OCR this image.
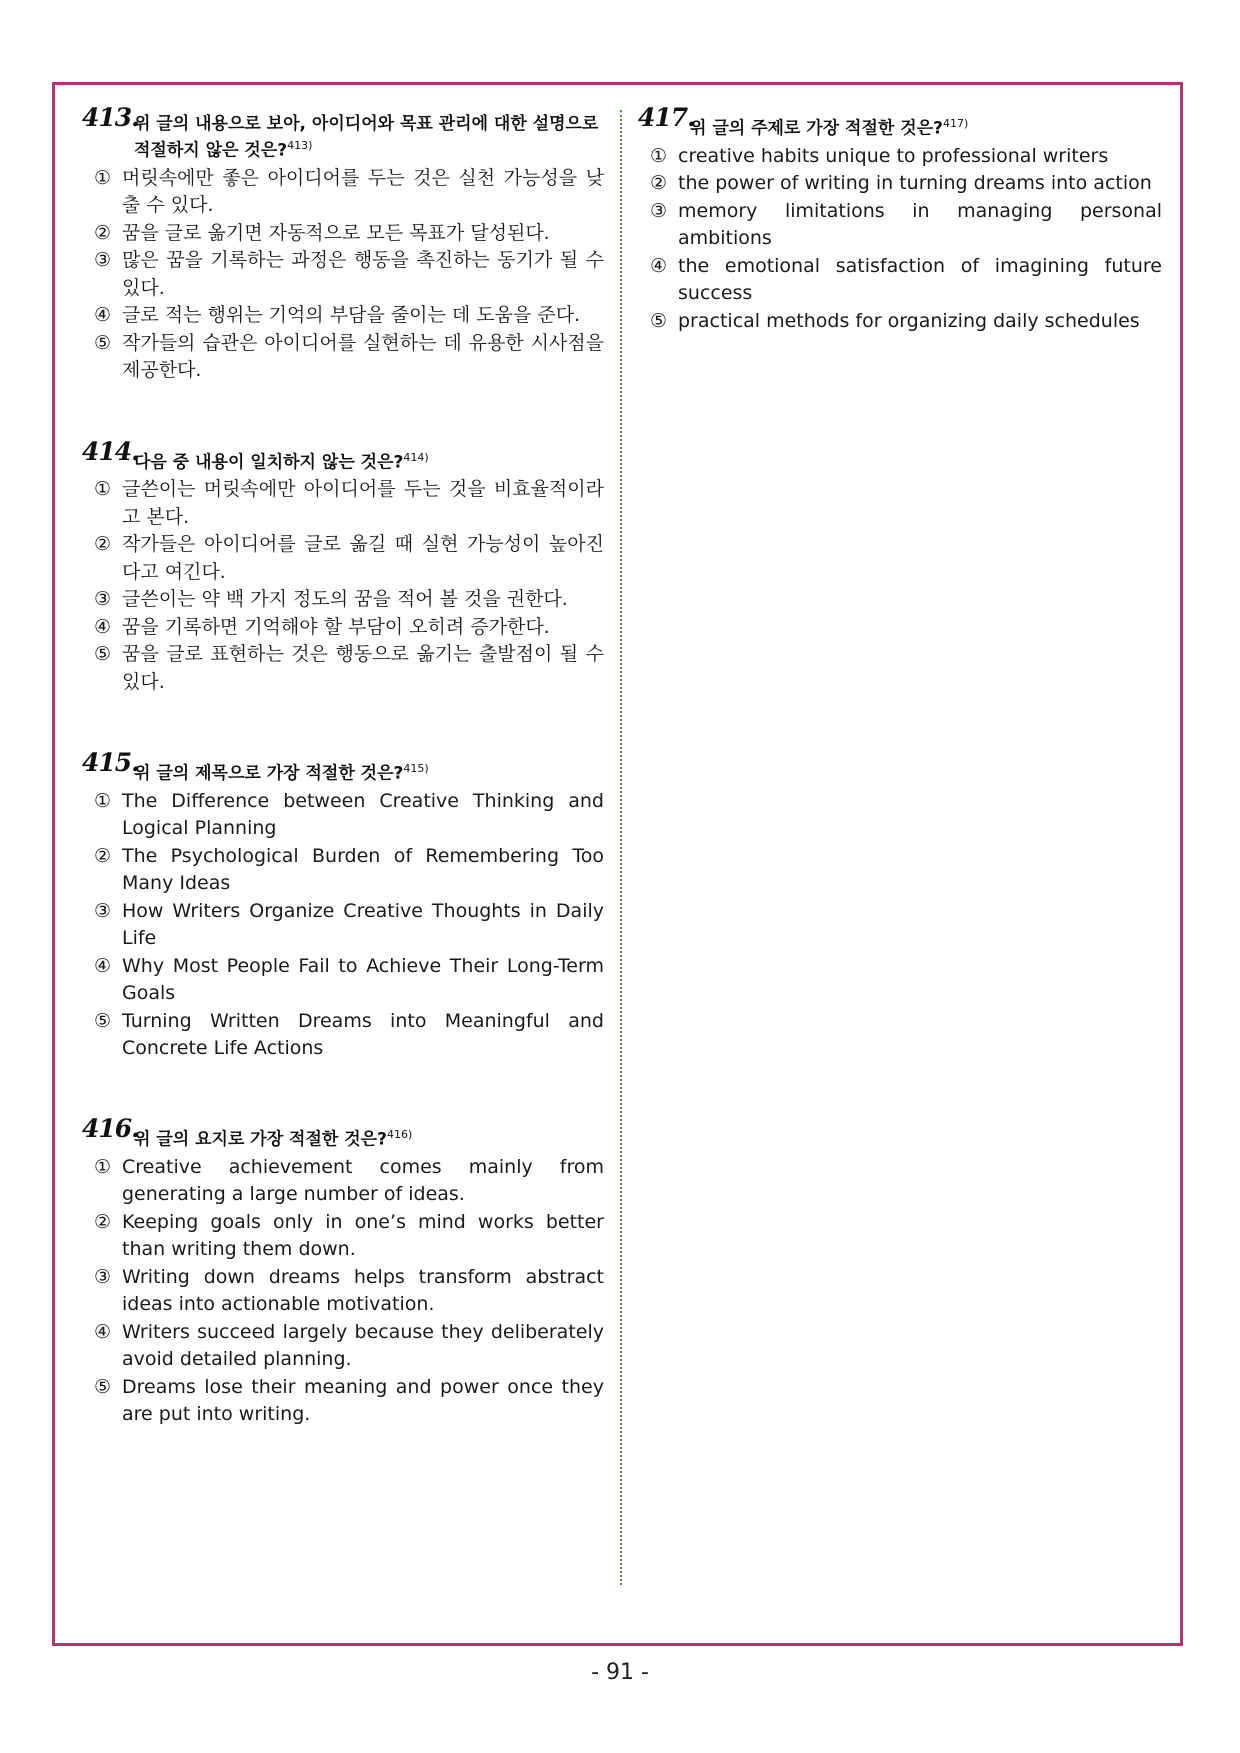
413.
위 글의 내용으로 보아, 아이디어와 목표 관리에 대한 설명으로 적절하지 않은 것은?$^{413)}$
① 머릿속에만 좋은 아이디어를 두는 것은 실천 가능성을 낮출 수 있다.
② 꿈을 글로 옮기면 자동적으로 모든 목표가 달성된다.
③ 많은 꿈을 기록하는 과정은 행동을 촉진하는 동기가 될 수 있다.
④ 글로 적는 행위는 기억의 부담을 줄이는 데 도움을 준다.
⑤ 작가들의 습관은 아이디어를 실현하는 데 유용한 시사점을 제공한다.
414.
다음 중 내용이 일치하지 않는 것은?$^{414)}$
① 글쓴이는 머릿속에만 아이디어를 두는 것을 비효율적이라고 본다.
② 작가들은 아이디어를 글로 옮길 때 실현 가능성이 높아진다고 여긴다.
③ 글쓴이는 약 백 가지 정도의 꿈을 적어 볼 것을 권한다.
④ 꿈을 기록하면 기억해야 할 부담이 오히려 증가한다.
⑤ 꿈을 글로 표현하는 것은 행동으로 옮기는 출발점이 될 수 있다.
415.
위 글의 제목으로 가장 적절한 것은?$^{415)}$
① The Difference between Creative Thinking and Logical Planning
② The Psychological Burden of Remembering Too Many Ideas
③ How Writers Organize Creative Thoughts in Daily Life
④ Why Most People Fail to Achieve Their Long-Term Goals
⑤ Turning Written Dreams into Meaningful and Concrete Life Actions
416.
위 글의 요지로 가장 적절한 것은?$^{416)}$
① Creative achievement comes mainly from generating a large number of ideas.
② Keeping goals only in one’s mind works better than writing them down.
③ Writing down dreams helps transform abstract ideas into actionable motivation.
④ Writers succeed largely because they deliberately avoid detailed planning.
⑤ Dreams lose their meaning and power once they are put into writing.
417.
위 글의 주제로 가장 적절한 것은?$^{417)}$
① creative habits unique to professional writers
② the power of writing in turning dreams into action
③ memory limitations in managing personal ambitions
④ the emotional satisfaction of imagining future success
⑤ practical methods for organizing daily schedules
- 91 -
